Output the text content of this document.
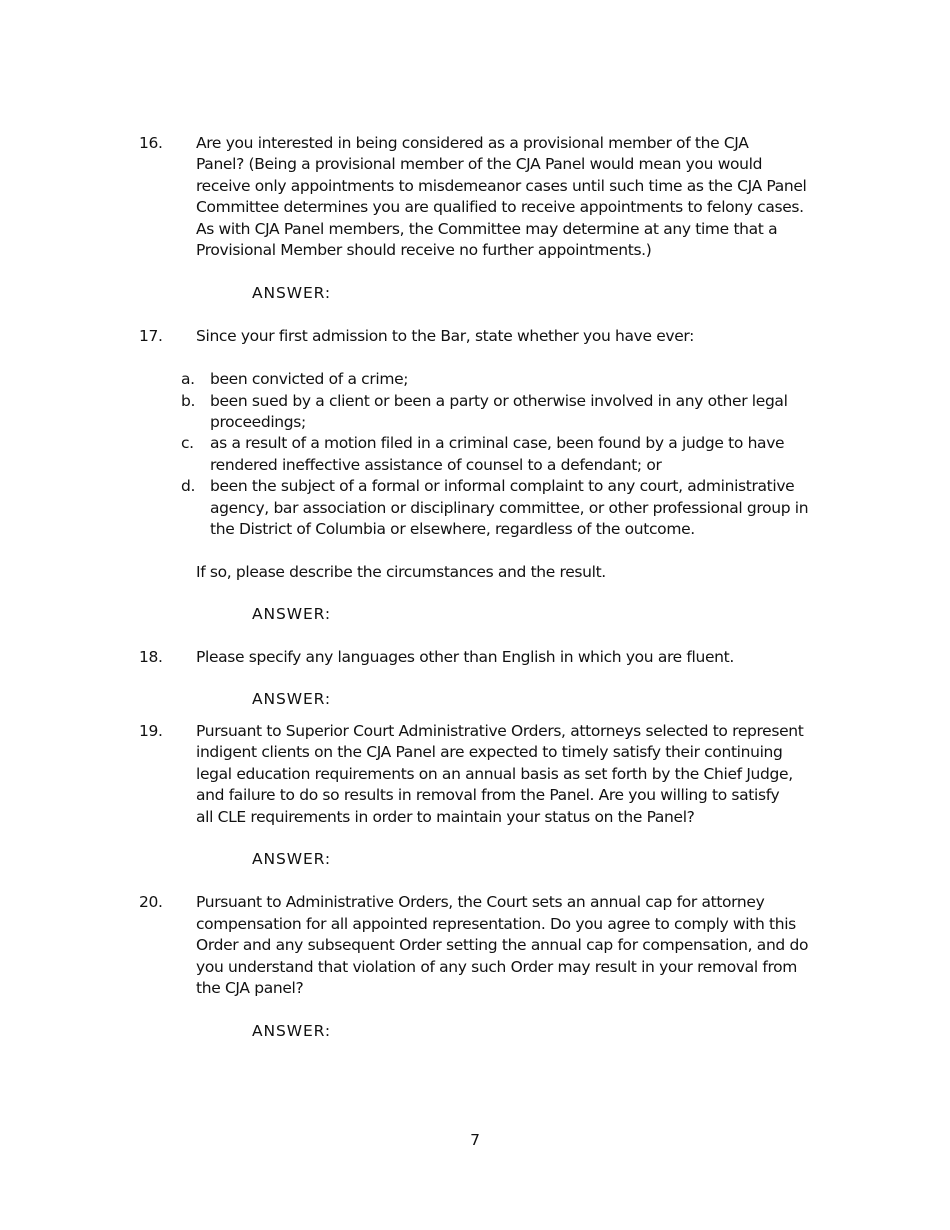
16. Are you interested in being considered as a provisional member of the CJA
Panel? (Being a provisional member of the CJA Panel would mean you would
receive only appointments to misdemeanor cases until such time as the CJA Panel
Committee determines you are qualified to receive appointments to felony cases.
As with CJA Panel members, the Committee may determine at any time that a
Provisional Member should receive no further appointments.)
ANSWER:
17. Since your first admission to the Bar, state whether you have ever:
a. been convicted of a crime;
b. been sued by a client or been a party or otherwise involved in any other legal
proceedings;
c. as a result of a motion filed in a criminal case, been found by a judge to have
rendered ineffective assistance of counsel to a defendant; or
d. been the subject of a formal or informal complaint to any court, administrative
agency, bar association or disciplinary committee, or other professional group in
the District of Columbia or elsewhere, regardless of the outcome.
If so, please describe the circumstances and the result.
ANSWER:
18. Please specify any languages other than English in which you are fluent.
ANSWER:
19. Pursuant to Superior Court Administrative Orders, attorneys selected to represent
indigent clients on the CJA Panel are expected to timely satisfy their continuing
legal education requirements on an annual basis as set forth by the Chief Judge,
and failure to do so results in removal from the Panel. Are you willing to satisfy
all CLE requirements in order to maintain your status on the Panel?
ANSWER:
20. Pursuant to Administrative Orders, the Court sets an annual cap for attorney
compensation for all appointed representation. Do you agree to comply with this
Order and any subsequent Order setting the annual cap for compensation, and do
you understand that violation of any such Order may result in your removal from
the CJA panel?
ANSWER:
7
